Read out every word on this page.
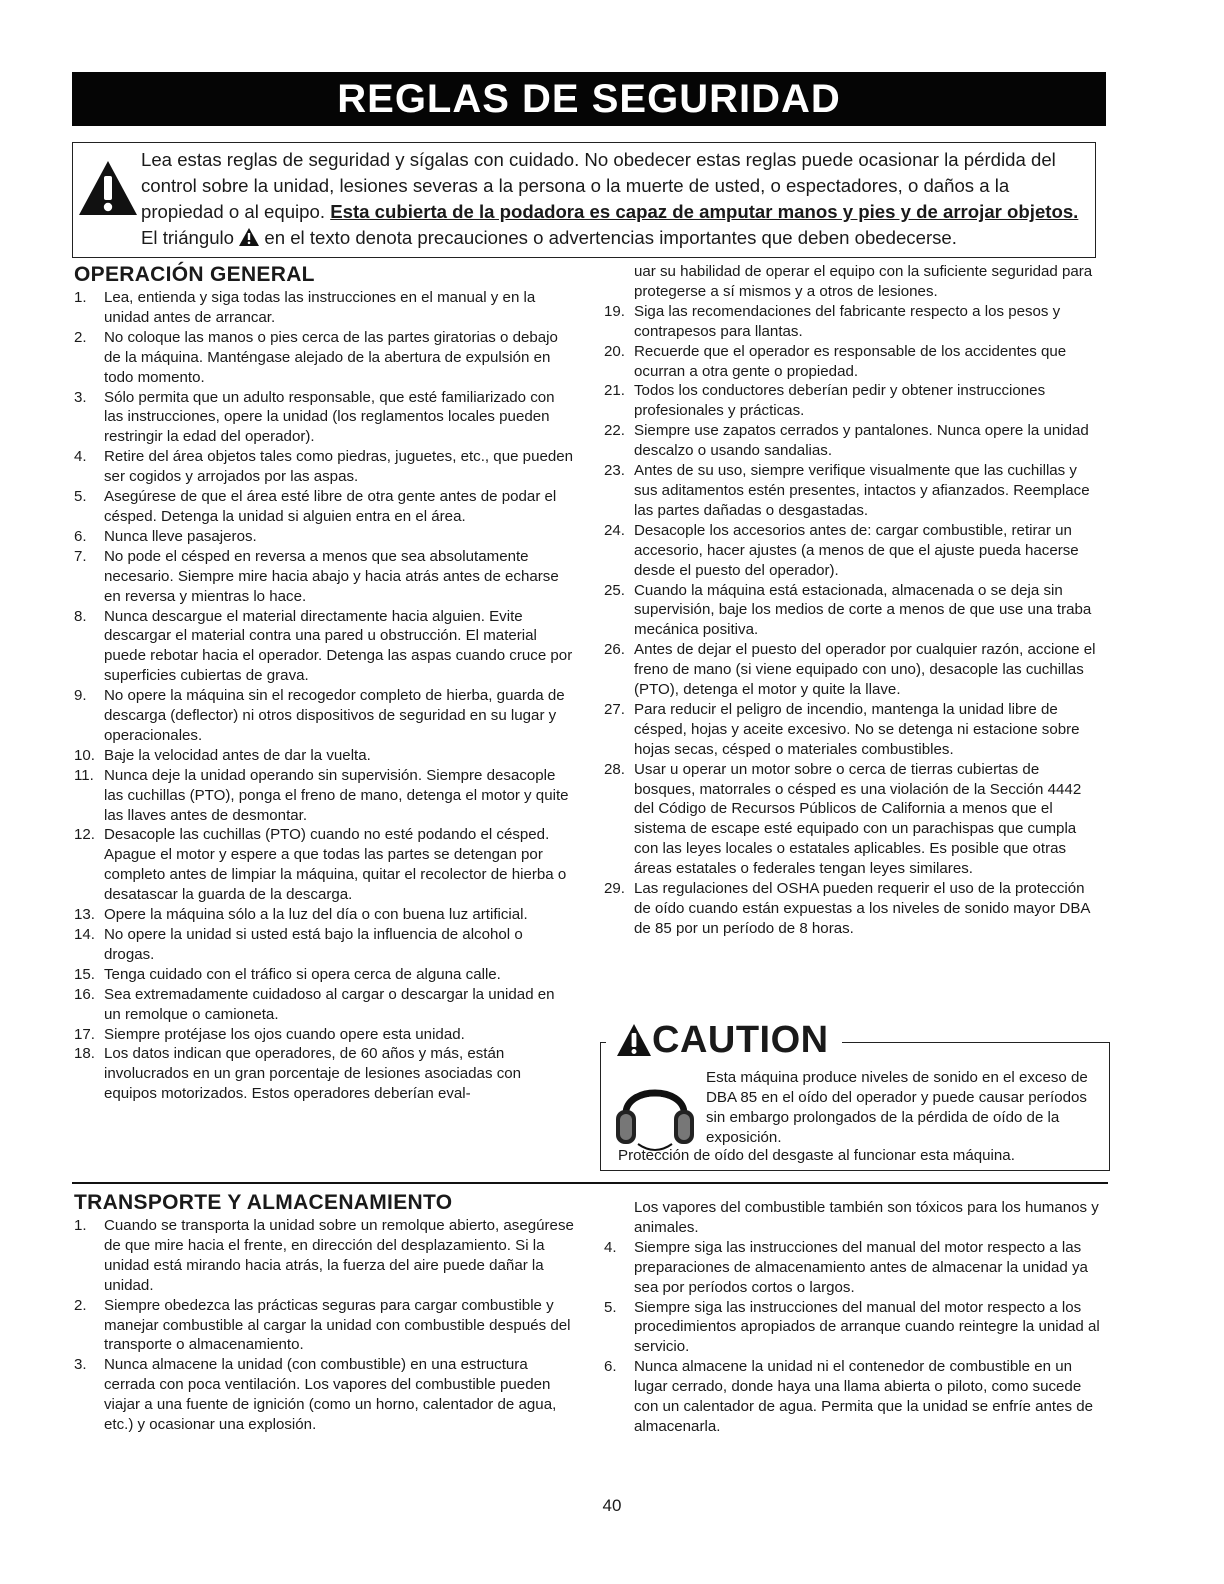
REGLAS DE SEGURIDAD
Lea estas reglas de seguridad y sígalas con cuidado. No obedecer estas reglas puede ocasionar la pérdida del control sobre la unidad, lesiones severas a la persona o la muerte de usted, o espectadores, o daños a la propiedad o al equipo. Esta cubierta de la podadora es capaz de amputar manos y pies y de arrojar objetos. El triángulo  en el texto denota precauciones o advertencias importantes que deben obedecerse.
OPERACIÓN GENERAL
1. Lea, entienda y siga todas las instrucciones en el manual y en la unidad antes de arrancar.
2. No coloque las manos o pies cerca de las partes giratorias o debajo de la máquina. Manténgase alejado de la abertura de expulsión en todo momento.
3. Sólo permita que un adulto responsable, que esté familiarizado con las instrucciones, opere la unidad (los reglamentos locales pueden restringir la edad del operador).
4. Retire del área objetos tales como piedras, juguetes, etc., que pueden ser cogidos y arrojados por las aspas.
5. Asegúrese de que el área esté libre de otra gente antes de podar el césped. Detenga la unidad si alguien entra en el área.
6. Nunca lleve pasajeros.
7. No pode el césped en reversa a menos que sea absolutamente necesario. Siempre mire hacia abajo y hacia atrás antes de echarse en reversa y mientras lo hace.
8. Nunca descargue el material directamente hacia alguien. Evite descargar el material contra una pared u obstrucción. El material puede rebotar hacia el operador. Detenga las aspas cuando cruce por superficies cubiertas de grava.
9. No opere la máquina sin el recogedor completo de hierba, guarda de descarga (deflector) ni otros dispositivos de seguridad en su lugar y operacionales.
10. Baje la velocidad antes de dar la vuelta.
11. Nunca deje la unidad operando sin supervisión. Siempre desacople las cuchillas (PTO), ponga el freno de mano, detenga el motor y quite las llaves antes de desmontar.
12. Desacople las cuchillas (PTO) cuando no esté podando el césped. Apague el motor y espere a que todas las partes se detengan por completo antes de limpiar la máquina, quitar el recolector de hierba o desatascar la guarda de la descarga.
13. Opere la máquina sólo a la luz del día o con buena luz artificial.
14. No opere la unidad si usted está bajo la influencia de alcohol o drogas.
15. Tenga cuidado con el tráfico si opera cerca de alguna calle.
16. Sea extremadamente cuidadoso al cargar o descargar la unidad en un remolque o camioneta.
17. Siempre protéjase los ojos cuando opere esta unidad.
18. Los datos indican que operadores, de 60 años y más, están involucrados en un gran porcentaje de lesiones asociadas con equipos motorizados. Estos operadores deberían eval-
uar su habilidad de operar el equipo con la suficiente seguridad para protegerse a sí mismos y a otros de lesiones.
19. Siga las recomendaciones del fabricante respecto a los pesos y contrapesos para llantas.
20. Recuerde que el operador es responsable de los accidentes que ocurran a otra gente o propiedad.
21. Todos los conductores deberían pedir y obtener instrucciones profesionales y prácticas.
22. Siempre use zapatos cerrados y pantalones. Nunca opere la unidad descalzo o usando sandalias.
23. Antes de su uso, siempre verifique visualmente que las cuchillas y sus aditamentos estén presentes, intactos y afianzados. Reemplace las partes dañadas o desgastadas.
24. Desacople los accesorios antes de: cargar combustible, retirar un accesorio, hacer ajustes (a menos de que el ajuste pueda hacerse desde el puesto del operador).
25. Cuando la máquina está estacionada, almacenada o se deja sin supervisión, baje los medios de corte a menos de que use una traba mecánica positiva.
26. Antes de dejar el puesto del operador por cualquier razón, accione el freno de mano (si viene equipado con uno), desacople las cuchillas (PTO), detenga el motor y quite la llave.
27. Para reducir el peligro de incendio, mantenga la unidad libre de césped, hojas y aceite excesivo. No se detenga ni estacione sobre hojas secas, césped o materiales combustibles.
28. Usar u operar un motor sobre o cerca de tierras cubiertas de bosques, matorrales o césped es una violación de la Sección 4442 del Código de Recursos Públicos de California a menos que el sistema de escape esté equipado con un parachispas que cumpla con las leyes locales o estatales aplicables. Es posible que otras áreas estatales o federales tengan leyes similares.
29. Las regulaciones del OSHA pueden requerir el uso de la protección de oído cuando están expuestas a los niveles de sonido mayor DBA de 85 por un período de 8 horas.
CAUTION
Esta máquina produce niveles de sonido en el exceso de DBA 85 en el oído del operador y puede causar períodos sin embargo prolongados de la pérdida de oído de la exposición.
Protección de oído del desgaste al funcionar esta máquina.
TRANSPORTE Y ALMACENAMIENTO
1. Cuando se transporta la unidad sobre un remolque abierto, asegúrese de que mire hacia el frente, en dirección del desplazamiento. Si la unidad está mirando hacia atrás, la fuerza del aire puede dañar la unidad.
2. Siempre obedezca las prácticas seguras para cargar combustible y manejar combustible al cargar la unidad con combustible después del transporte o almacenamiento.
3. Nunca almacene la unidad (con combustible) en una estructura cerrada con poca ventilación. Los vapores del combustible pueden viajar a una fuente de ignición (como un horno, calentador de agua, etc.) y ocasionar una explosión.
Los vapores del combustible también son tóxicos para los humanos y animales.
4. Siempre siga las instrucciones del manual del motor respecto a las preparaciones de almacenamiento antes de almacenar la unidad ya sea por períodos cortos o largos.
5. Siempre siga las instrucciones del manual del motor respecto a los procedimientos apropiados de arranque cuando reintegre la unidad al servicio.
6. Nunca almacene la unidad ni el contenedor de combustible en un lugar cerrado, donde haya una llama abierta o piloto, como sucede con un calentador de agua. Permita que la unidad se enfríe antes de almacenarla.
40
